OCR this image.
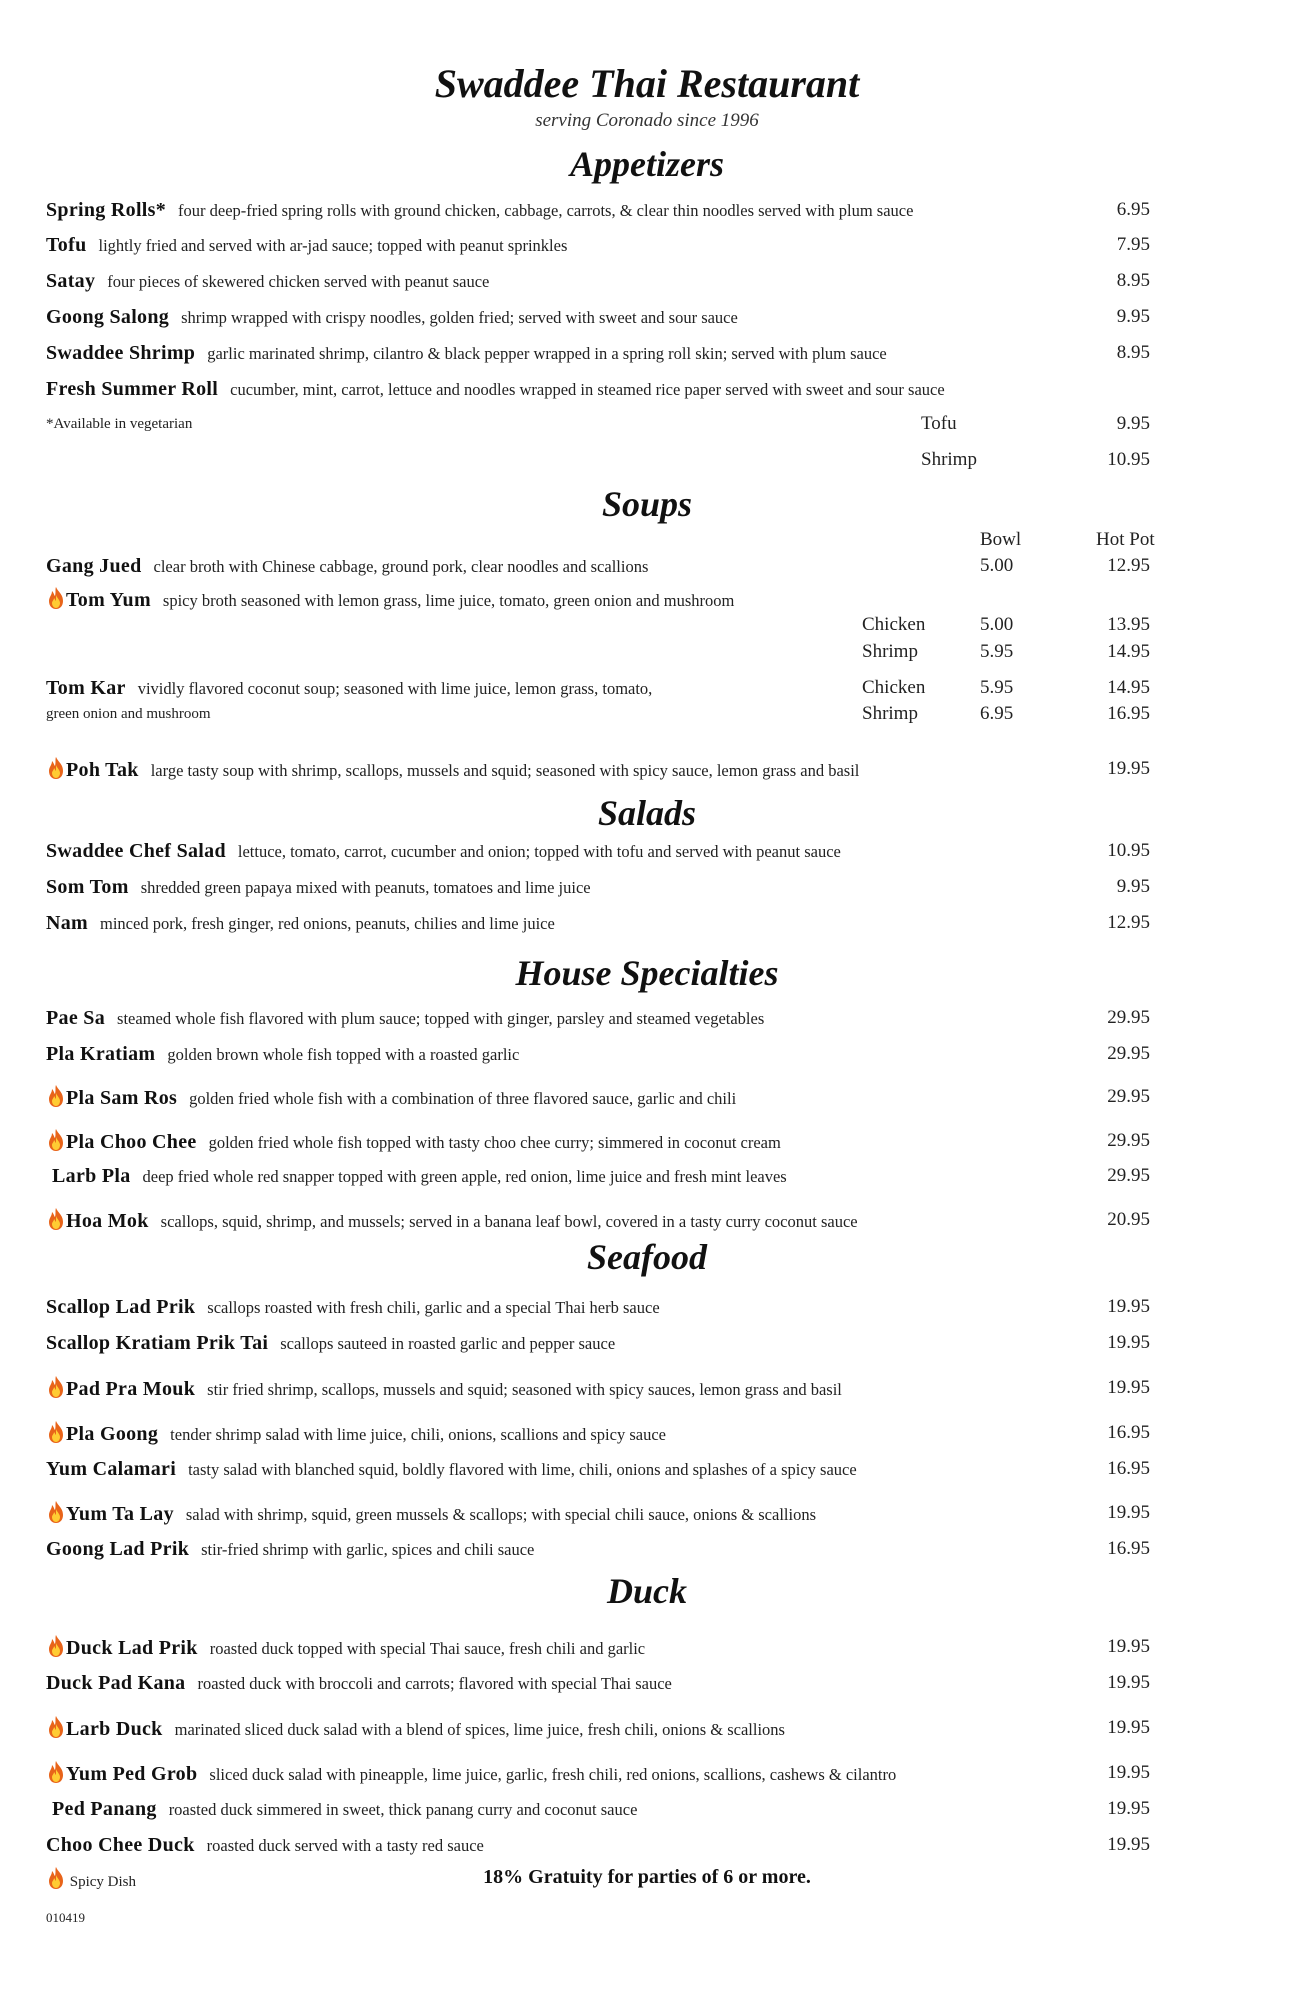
Swaddee Thai Restaurant
serving Coronado since 1996
Appetizers
Spring Rolls* four deep-fried spring rolls with ground chicken, cabbage, carrots, & clear thin noodles served with plum sauce	6.95
Tofu lightly fried and served with ar-jad sauce; topped with peanut sprinkles	7.95
Satay four pieces of skewered chicken served with peanut sauce	8.95
Goong Salong shrimp wrapped with crispy noodles, golden fried; served with sweet and sour sauce	9.95
Swaddee Shrimp garlic marinated shrimp, cilantro & black pepper wrapped in a spring roll skin; served with plum sauce	8.95
Fresh Summer Roll cucumber, mint, carrot, lettuce and noodles wrapped in steamed rice paper served with sweet and sour sauce
*Available in vegetarian	Tofu	9.95
Shrimp	10.95
Soups
Bowl	Hot Pot
Gang Jued clear broth with Chinese cabbage, ground pork, clear noodles and scallions	5.00	12.95
Tom Yum spicy broth seasoned with lemon grass, lime juice, tomato, green onion and mushroom
Chicken	5.00	13.95
Shrimp	5.95	14.95
Tom Kar vividly flavored coconut soup; seasoned with lime juice, lemon grass, tomato,
green onion and mushroom
Chicken	5.95	14.95
Shrimp	6.95	16.95
Poh Tak large tasty soup with shrimp, scallops, mussels and squid; seasoned with spicy sauce, lemon grass and basil	19.95
Salads
Swaddee Chef Salad lettuce, tomato, carrot, cucumber and onion; topped with tofu and served with peanut sauce	10.95
Som Tom shredded green papaya mixed with peanuts, tomatoes and lime juice	9.95
Nam minced pork, fresh ginger, red onions, peanuts, chilies and lime juice	12.95
House Specialties
Pae Sa steamed whole fish flavored with plum sauce; topped with ginger, parsley and steamed vegetables	29.95
Pla Kratiam golden brown whole fish topped with a roasted garlic	29.95
Pla Sam Ros golden fried whole fish with a combination of three flavored sauce, garlic and chili	29.95
Pla Choo Chee golden fried whole fish topped with tasty choo chee curry; simmered in coconut cream	29.95
Larb Pla deep fried whole red snapper topped with green apple, red onion, lime juice and fresh mint leaves	29.95
Hoa Mok scallops, squid, shrimp, and mussels; served in a banana leaf bowl, covered in a tasty curry coconut sauce	20.95
Seafood
Scallop Lad Prik scallops roasted with fresh chili, garlic and a special Thai herb sauce	19.95
Scallop Kratiam Prik Tai scallops sauteed in roasted garlic and pepper sauce	19.95
Pad Pra Mouk stir fried shrimp, scallops, mussels and squid; seasoned with spicy sauces, lemon grass and basil	19.95
Pla Goong tender shrimp salad with lime juice, chili, onions, scallions and spicy sauce	16.95
Yum Calamari tasty salad with blanched squid, boldly flavored with lime, chili, onions and splashes of a spicy sauce	16.95
Yum Ta Lay salad with shrimp, squid, green mussels & scallops; with special chili sauce, onions & scallions	19.95
Goong Lad Prik stir-fried shrimp with garlic, spices and chili sauce	16.95
Duck
Duck Lad Prik roasted duck topped with special Thai sauce, fresh chili and garlic	19.95
Duck Pad Kana roasted duck with broccoli and carrots; flavored with special Thai sauce	19.95
Larb Duck marinated sliced duck salad with a blend of spices, lime juice, fresh chili, onions & scallions	19.95
Yum Ped Grob sliced duck salad with pineapple, lime juice, garlic, fresh chili, red onions, scallions, cashews & cilantro	19.95
Ped Panang roasted duck simmered in sweet, thick panang curry and coconut sauce	19.95
Choo Chee Duck roasted duck served with a tasty red sauce	19.95
Spicy Dish	18% Gratuity for parties of 6 or more.
010419
